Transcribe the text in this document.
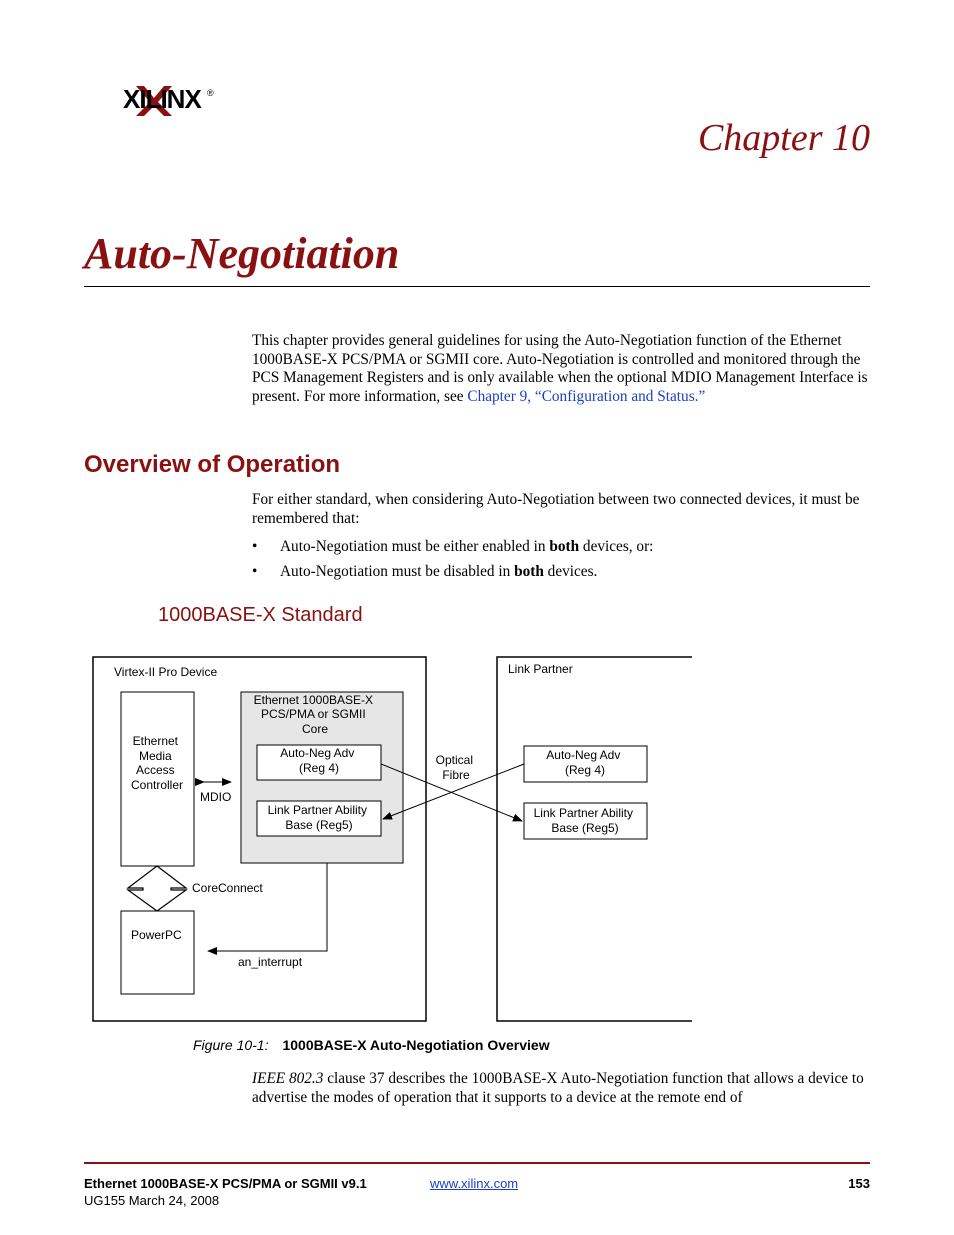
XILINX ®
Chapter 10
Auto-Negotiation
This chapter provides general guidelines for using the Auto-Negotiation function of the Ethernet 1000BASE-X PCS/PMA or SGMII core. Auto-Negotiation is controlled and monitored through the PCS Management Registers and is only available when the optional MDIO Management Interface is present. For more information, see Chapter 9, “Configuration and Status.”
Overview of Operation
For either standard, when considering Auto-Negotiation between two connected devices, it must be remembered that:
• Auto-Negotiation must be either enabled in both devices, or:
• Auto-Negotiation must be disabled in both devices.
1000BASE-X Standard
Virtex-II Pro Device
Ethernet Media Access Controller
Ethernet 1000BASE-X PCS/PMA or SGMII Core
Auto-Neg Adv (Reg 4)
Link Partner Ability Base (Reg5)
MDIO
CoreConnect
PowerPC
an_interrupt
Link Partner
Auto-Neg Adv (Reg 4)
Link Partner Ability Base (Reg5)
Optical Fibre
Figure 10-1: 1000BASE-X Auto-Negotiation Overview
IEEE 802.3 clause 37 describes the 1000BASE-X Auto-Negotiation function that allows a device to advertise the modes of operation that it supports to a device at the remote end of
Ethernet 1000BASE-X PCS/PMA or SGMII v9.1
UG155 March 24, 2008
www.xilinx.com	153
